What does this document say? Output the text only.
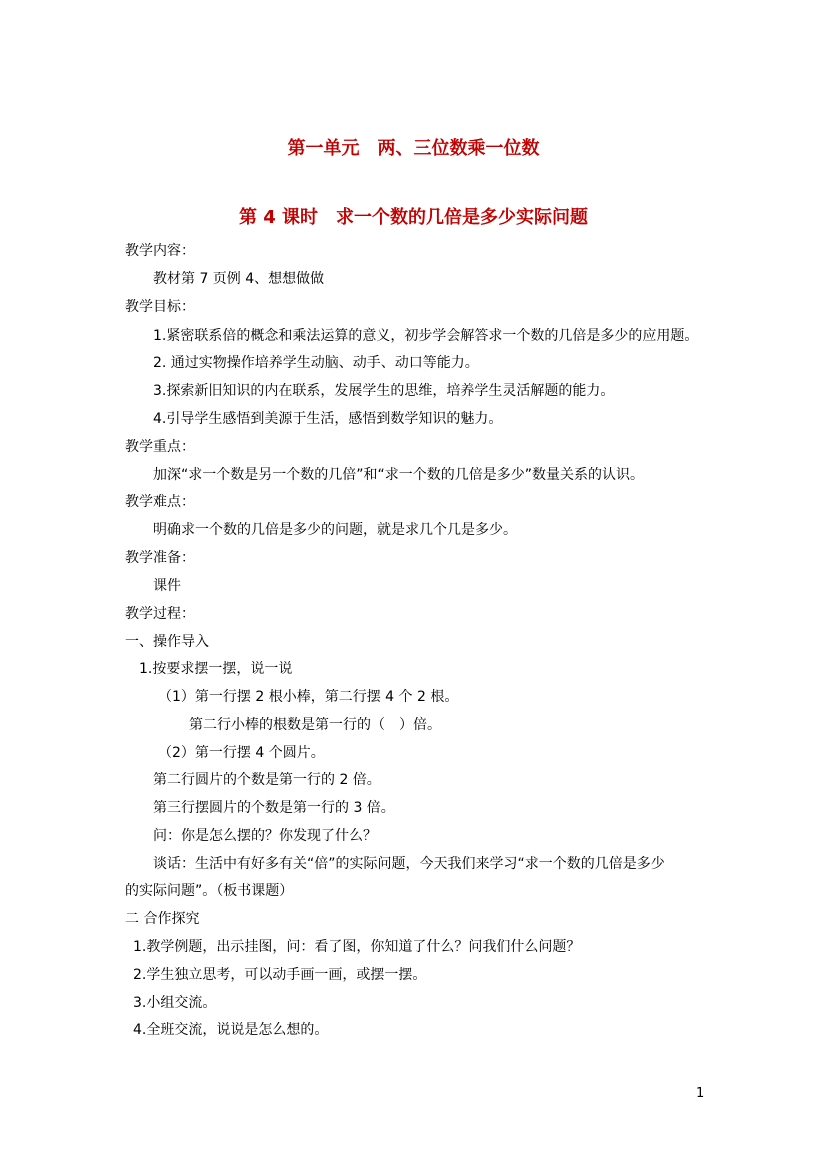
第一单元　两、三位数乘一位数
第 4 课时　求一个数的几倍是多少实际问题
教学内容：
教材第 7 页例 4、想想做做
教学目标：
1.紧密联系倍的概念和乘法运算的意义，初步学会解答求一个数的几倍是多少的应用题。
2. 通过实物操作培养学生动脑、动手、动口等能力。
3.探索新旧知识的内在联系，发展学生的思维，培养学生灵活解题的能力。
4.引导学生感悟到美源于生活，感悟到数学知识的魅力。
教学重点：
加深“求一个数是另一个数的几倍”和“求一个数的几倍是多少”数量关系的认识。
教学难点：
明确求一个数的几倍是多少的问题，就是求几个几是多少。
教学准备：
课件
教学过程：
一、操作导入
1.按要求摆一摆，说一说
（1）第一行摆 2 根小棒，第二行摆 4 个 2 根。
第二行小棒的根数是第一行的（　）倍。
（2）第一行摆 4 个圆片。
第二行圆片的个数是第一行的 2 倍。
第三行摆圆片的个数是第一行的 3 倍。
问：你是怎么摆的？你发现了什么？
谈话：生活中有好多有关“倍”的实际问题，今天我们来学习“求一个数的几倍是多少
的实际问题”。（板书课题）
二 合作探究
1.教学例题，出示挂图，问：看了图，你知道了什么？问我们什么问题？
2.学生独立思考，可以动手画一画，或摆一摆。
3.小组交流。
4.全班交流，说说是怎么想的。
1
